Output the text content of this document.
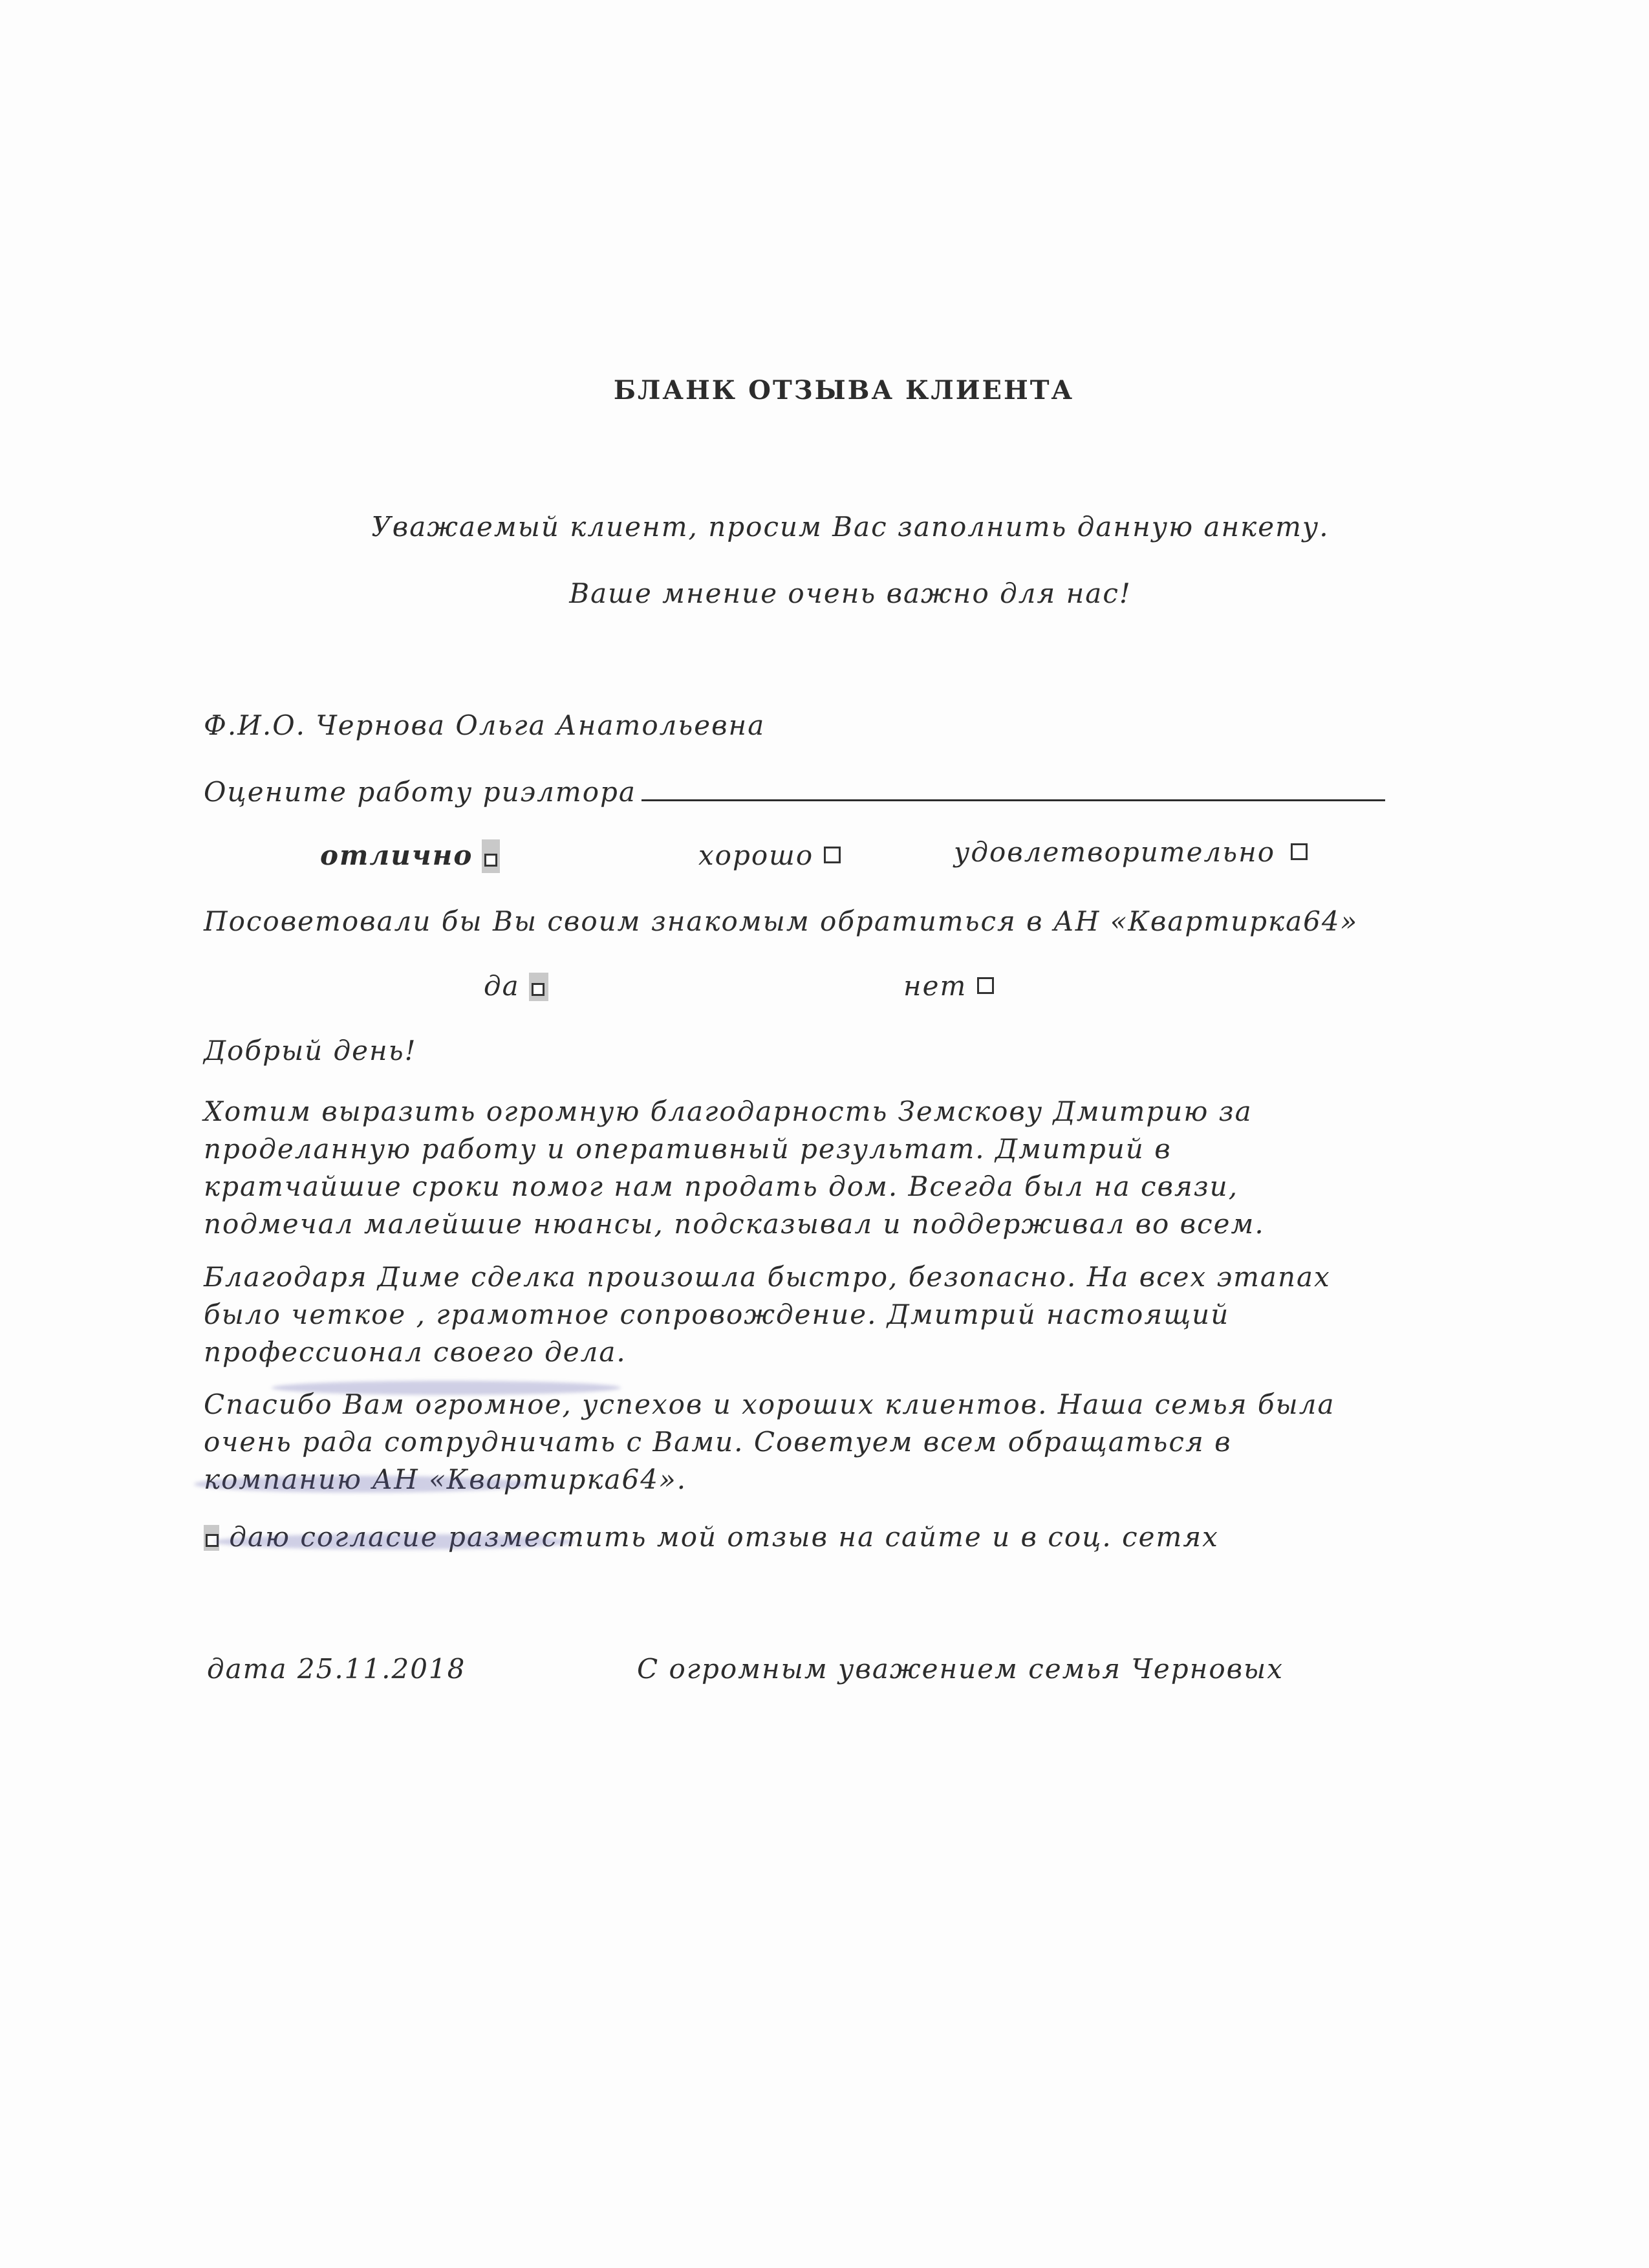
БЛАНК ОТЗЫВА КЛИЕНТА
Уважаемый клиент, просим Вас заполнить данную анкету.
Ваше мнение очень важно для нас!
Ф.И.О. Чернова Ольга Анатольевна
Оцените работу риэлтора
отлично	хорошо	удовлетворительно
Посоветовали бы Вы своим знакомым обратиться в АН «Квартирка64»
да	нет
Добрый день!
Хотим выразить огромную благодарность Земскову Дмитрию за проделанную работу и оперативный результат. Дмитрий в кратчайшие сроки помог нам продать дом. Всегда был на связи, подмечал малейшие нюансы, подсказывал и поддерживал во всем.
Благодаря Диме сделка произошла быстро, безопасно. На всех этапах было четкое , грамотное сопровождение. Дмитрий настоящий профессионал своего дела.
Спасибо Вам огромное, успехов и хороших клиентов. Наша семья была очень рада сотрудничать с Вами. Советуем всем обращаться в компанию АН «Квартирка64».
даю согласие разместить мой отзыв на сайте и в соц. сетях
дата 25.11.2018	С огромным уважением семья Черновых
